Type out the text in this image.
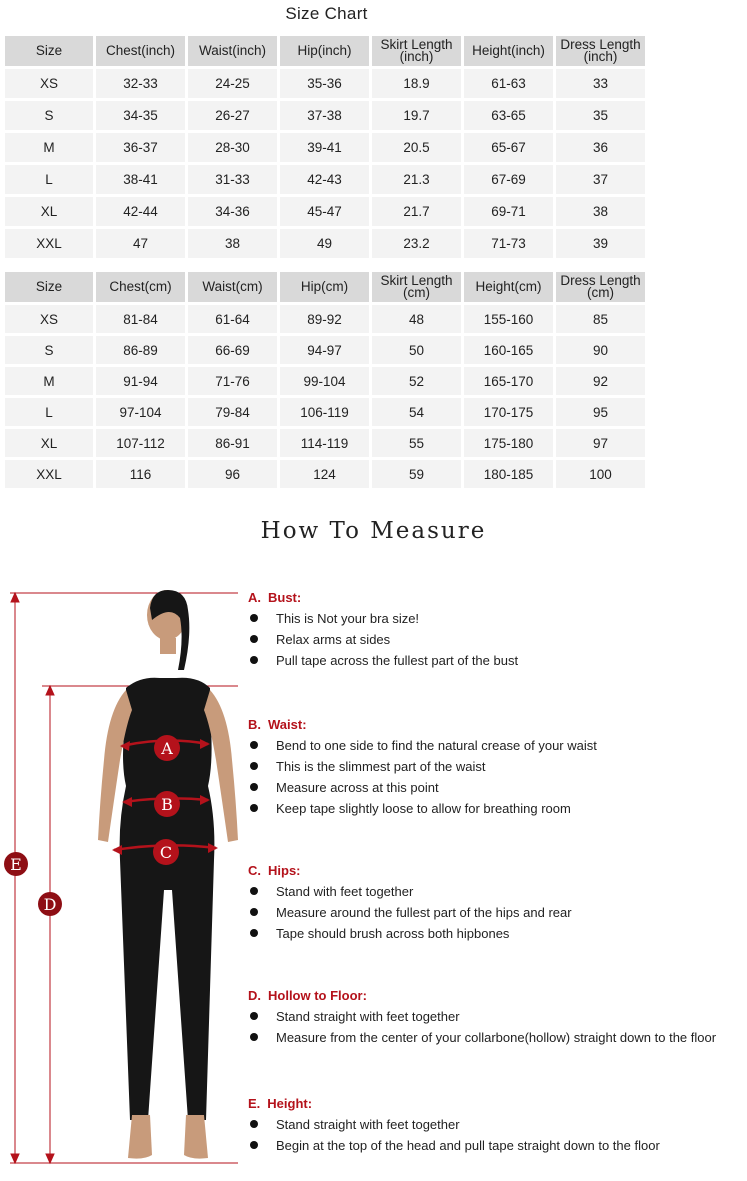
Size Chart
Size	Chest(inch)	Waist(inch)	Hip(inch)	Skirt Length (inch)	Height(inch)	Dress Length (inch)
XS	32-33	24-25	35-36	18.9	61-63	33
S	34-35	26-27	37-38	19.7	63-65	35
M	36-37	28-30	39-41	20.5	65-67	36
L	38-41	31-33	42-43	21.3	67-69	37
XL	42-44	34-36	45-47	21.7	69-71	38
XXL	47	38	49	23.2	71-73	39
Size	Chest(cm)	Waist(cm)	Hip(cm)	Skirt Length (cm)	Height(cm)	Dress Length (cm)
XS	81-84	61-64	89-92	48	155-160	85
S	86-89	66-69	94-97	50	160-165	90
M	91-94	71-76	99-104	52	165-170	92
L	97-104	79-84	106-119	54	170-175	95
XL	107-112	86-91	114-119	55	175-180	97
XXL	116	96	124	59	180-185	100
How To Measure
A
B
C
E
D
A. Bust:
This is Not your bra size!
Relax arms at sides
Pull tape across the fullest part of the bust
B. Waist:
Bend to one side to find the natural crease of your waist
This is the slimmest part of the waist
Measure across at this point
Keep tape slightly loose to allow for breathing room
C. Hips:
Stand with feet together
Measure around the fullest part of the hips and rear
Tape should brush across both hipbones
D. Hollow to Floor:
Stand straight with feet together
Measure from the center of your collarbone(hollow) straight down to the floor
E. Height:
Stand straight with feet together
Begin at the top of the head and pull tape straight down to the floor
